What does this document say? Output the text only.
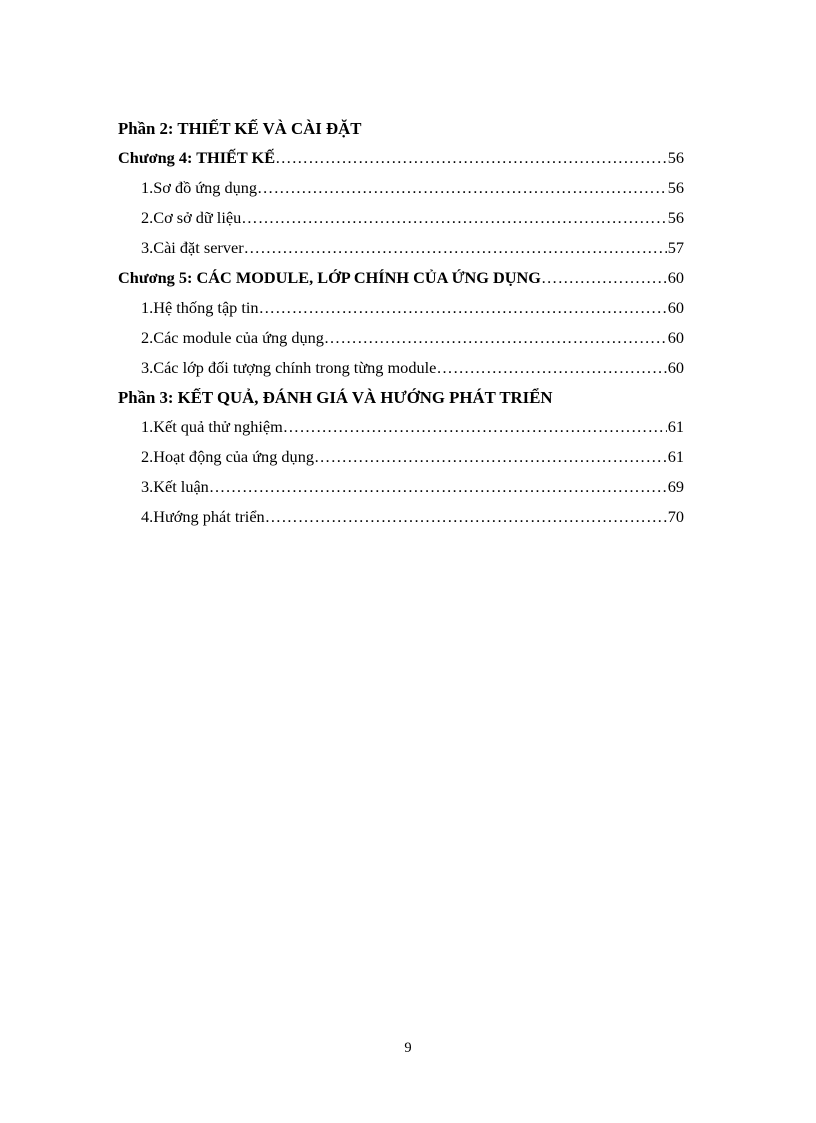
Phần 2: THIẾT KẾ VÀ CÀI ĐẶT
Chương 4: THIẾT KẾ ……………………………………………………………………………………………………………………………………………………………………	56
1. Sơ đồ ứng dụng ……………………………………………………………………………………………………………………………………………………………………	56
2. Cơ sở dữ liệu ……………………………………………………………………………………………………………………………………………………………………	56
3. Cài đặt server ……………………………………………………………………………………………………………………………………………………………………	57
Chương 5: CÁC MODULE, LỚP CHÍNH CỦA ỨNG DỤNG ……………………………………………………………………………………………………………………………………………………………………	60
1. Hệ thống tập tin ……………………………………………………………………………………………………………………………………………………………………	60
2. Các module của ứng dụng ……………………………………………………………………………………………………………………………………………………………………	60
3. Các lớp đối tượng chính trong từng module ……………………………………………………………………………………………………………………………………………………………………	60
Phần 3: KẾT QUẢ, ĐÁNH GIÁ VÀ HƯỚNG PHÁT TRIỂN
1. Kết quả thử nghiệm ……………………………………………………………………………………………………………………………………………………………………	61
2. Hoạt động của ứng dụng ……………………………………………………………………………………………………………………………………………………………………	61
3. Kết luận ……………………………………………………………………………………………………………………………………………………………………	69
4. Hướng phát triển ……………………………………………………………………………………………………………………………………………………………………	70
9
